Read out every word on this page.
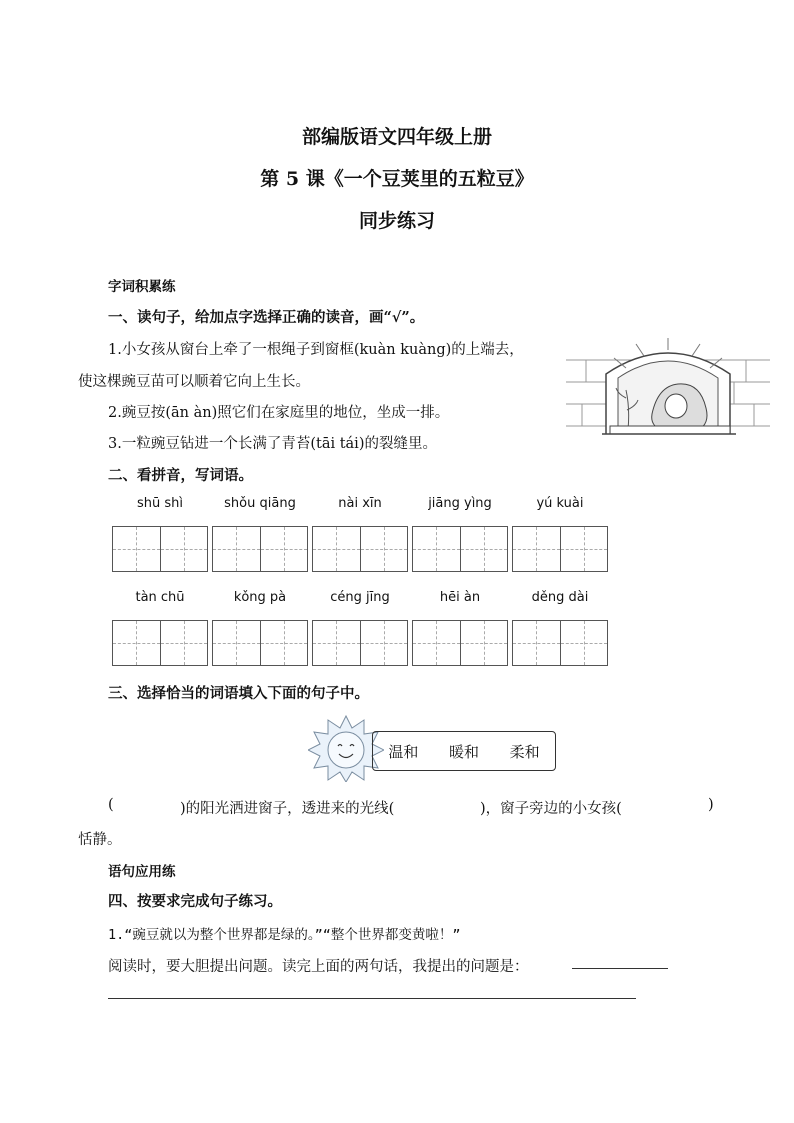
部编版语文四年级上册
第 5 课《一个豆荚里的五粒豆》
同步练习
字词积累练
一、读句子，给加点字选择正确的读音，画“√”。
1.小女孩从窗台上牵了一根绳子到窗框(kuàn kuàng)的上端去，
使这棵豌豆苗可以顺着它向上生长。
2.豌豆按(ān àn)照它们在家庭里的地位，坐成一排。
3.一粒豌豆钻进一个长满了青苔(tāi tái)的裂缝里。
二、看拼音，写词语。
shū shì	shǒu qiāng	nài xīn	jiāng yìng	yú kuài
tàn chū	kǒng pà	céng jīng	hēi àn	děng dài
三、选择恰当的词语填入下面的句子中。
温和 暖和 柔和
(	)的阳光洒进窗子，透进来的光线(	)，窗子旁边的小女孩(	)
恬静。
语句应用练
四、按要求完成句子练习。
1.“豌豆就以为整个世界都是绿的。”“整个世界都变黄啦！”
阅读时，要大胆提出问题。读完上面的两句话，我提出的问题是：
